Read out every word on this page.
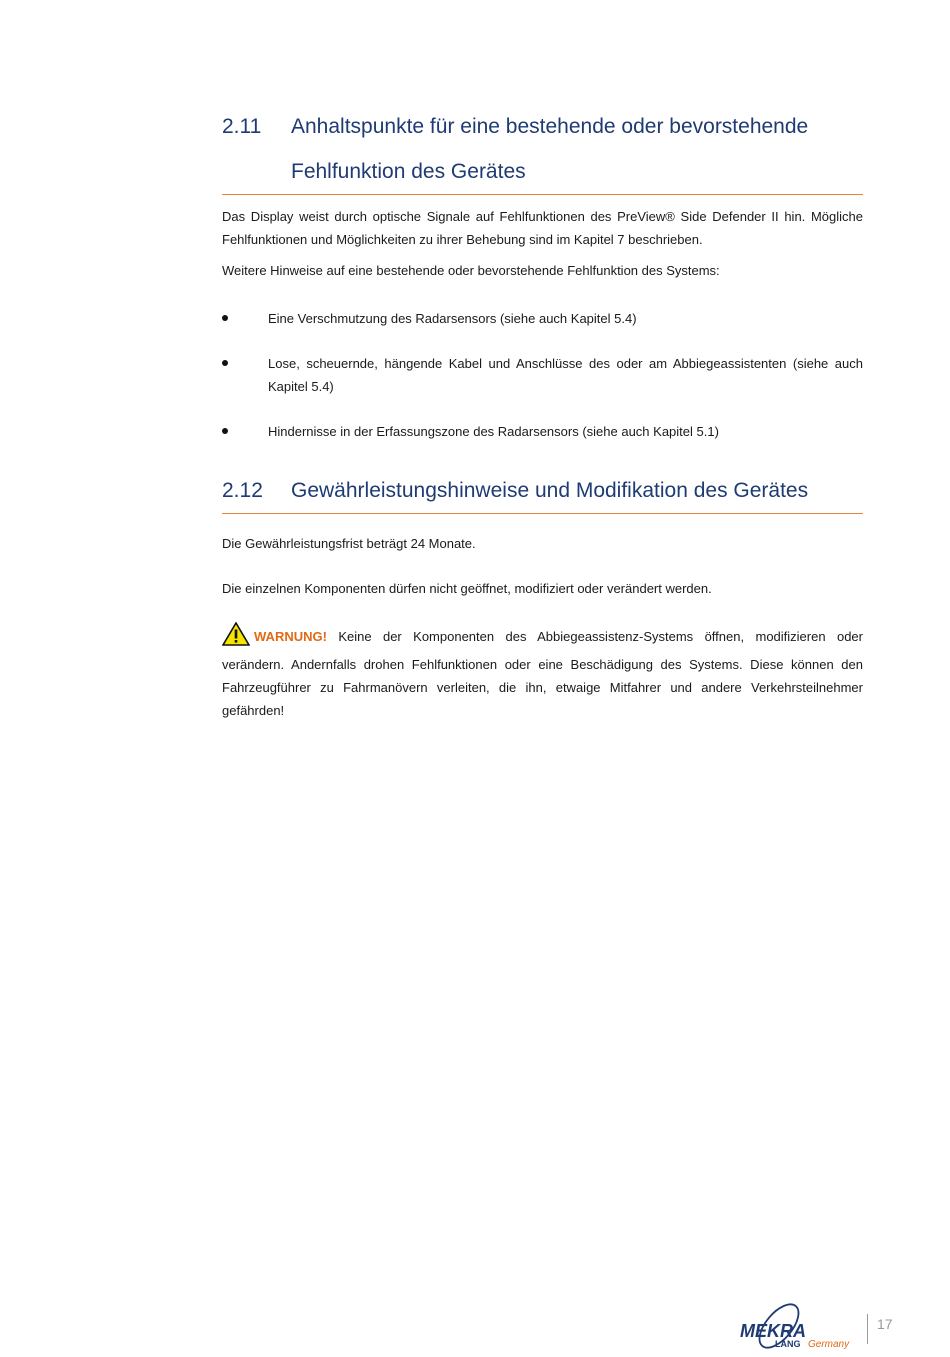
2.11	Anhaltspunkte für eine bestehende oder bevorstehende Fehlfunktion des Gerätes

Das Display weist durch optische Signale auf Fehlfunktionen des PreView® Side Defender II hin. Mögliche Fehlfunktionen und Möglichkeiten zu ihrer Behebung sind im Kapitel 7 beschrieben.

Weitere Hinweise auf eine bestehende oder bevorstehende Fehlfunktion des Systems:

Eine Verschmutzung des Radarsensors (siehe auch Kapitel 5.4)
Lose, scheuernde, hängende Kabel und Anschlüsse des oder am Abbiegeassistenten (siehe auch Kapitel 5.4)
Hindernisse in der Erfassungszone des Radarsensors (siehe auch Kapitel 5.1)
2.12	Gewährleistungshinweise und Modifikation des Gerätes

Die Gewährleistungsfrist beträgt 24 Monate.

Die einzelnen Komponenten dürfen nicht geöffnet, modifiziert oder verändert werden.

WARNUNG! Keine der Komponenten des Abbiegeassistenz-Systems öffnen, modifizieren oder verändern. Andernfalls drohen Fehlfunktionen oder eine Beschädigung des Systems. Diese können den Fahrzeugführer zu Fahrmanövern verleiten, die ihn, etwaige Mitfahrer und andere Verkehrsteilnehmer gefährden!

MEKRA
LANG Germany
17
